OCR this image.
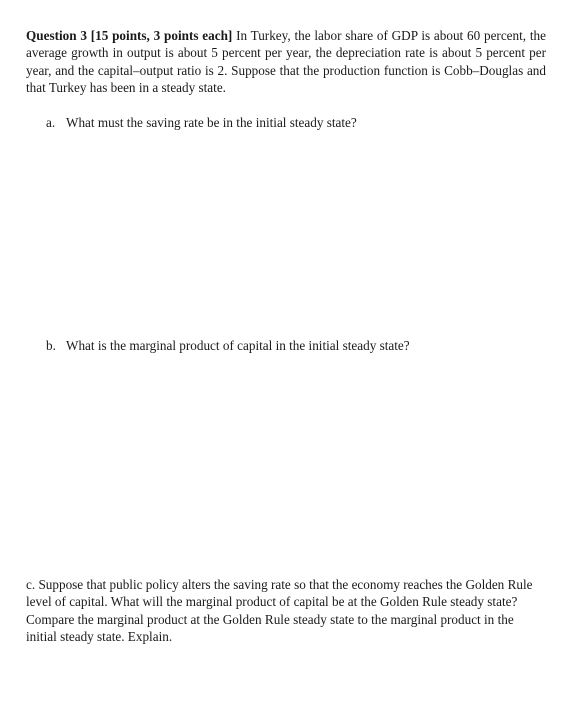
Question 3 [15 points, 3 points each] In Turkey, the labor share of GDP is about 60 percent, the average growth in output is about 5 percent per year, the depreciation rate is about 5 percent per year, and the capital–output ratio is 2. Suppose that the production function is Cobb–Douglas and that Turkey has been in a steady state.

a. What must the saving rate be in the initial steady state?

b. What is the marginal product of capital in the initial steady state?

c. Suppose that public policy alters the saving rate so that the economy reaches the Golden Rule level of capital. What will the marginal product of capital be at the Golden Rule steady state? Compare the marginal product at the Golden Rule steady state to the marginal product in the initial steady state. Explain.
